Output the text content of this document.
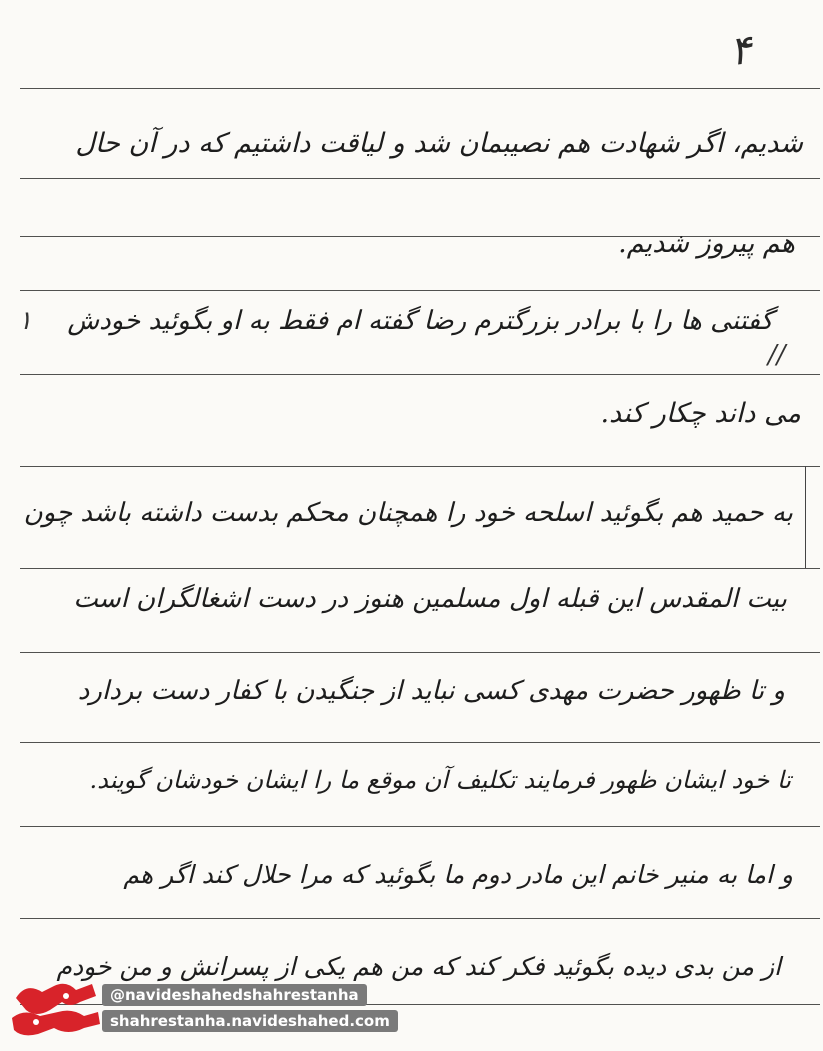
۴
شدیم، اگر شهادت هم نصیبمان شد و لیاقت داشتیم که در آن حال
هم پیروز شدیم.
گفتنی ها را با برادر بزرگترم رضا گفته ام فقط به او بگوئید خودش
می داند چکار کند.
به حمید هم بگوئید اسلحه خود را همچنان محکم بدست داشته باشد چون
بیت المقدس این قبله اول مسلمین هنوز در دست اشغالگران است
و تا ظهور حضرت مهدی کسی نباید از جنگیدن با کفار دست بردارد
تا خود ایشان ظهور فرمایند تکلیف آن موقع ما را ایشان خودشان گویند.
و اما به منیر خانم این مادر دوم ما بگوئید که مرا حلال کند اگر هم
از من بدی دیده بگوئید فکر کند که من هم یکی از پسرانش و من خودم
//
۱
@navideshahedshahrestanha
shahrestanha.navideshahed.com
